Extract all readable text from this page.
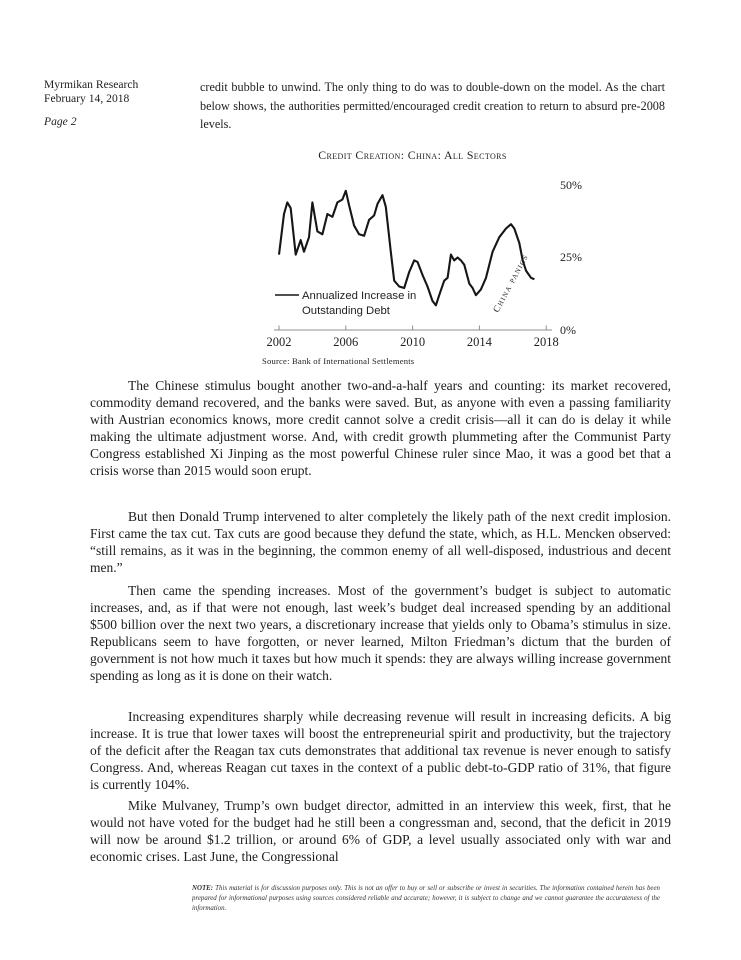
Myrmikan Research
February 14, 2018
Page 2
credit bubble to unwind. The only thing to do was to double-down on the model. As the chart below shows, the authorities permitted/encouraged credit creation to return to absurd pre-2008 levels.
Credit Creation: China: All Sectors
2002	2006	2010	2014	2018
50%
25%
0%
China panics
Annualized Increase in
Outstanding Debt
Source: Bank of International Settlements
The Chinese stimulus bought another two-and-a-half years and counting: its market recovered, commodity demand recovered, and the banks were saved. But, as anyone with even a passing familiarity with Austrian economics knows, more credit cannot solve a credit crisis—all it can do is delay it while making the ultimate adjustment worse. And, with credit growth plummeting after the Communist Party Congress established Xi Jinping as the most powerful Chinese ruler since Mao, it was a good bet that a crisis worse than 2015 would soon erupt.
But then Donald Trump intervened to alter completely the likely path of the next credit implosion. First came the tax cut. Tax cuts are good because they defund the state, which, as H.L. Mencken observed: “still remains, as it was in the beginning, the common enemy of all well-disposed, industrious and decent men.”
Then came the spending increases. Most of the government’s budget is subject to automatic increases, and, as if that were not enough, last week’s budget deal increased spending by an additional $500 billion over the next two years, a discretionary increase that yields only to Obama’s stimulus in size. Republicans seem to have forgotten, or never learned, Milton Friedman’s dictum that the burden of government is not how much it taxes but how much it spends: they are always willing increase government spending as long as it is done on their watch.
Increasing expenditures sharply while decreasing revenue will result in increasing deficits. A big increase. It is true that lower taxes will boost the entrepreneurial spirit and productivity, but the trajectory of the deficit after the Reagan tax cuts demonstrates that additional tax revenue is never enough to satisfy Congress. And, whereas Reagan cut taxes in the context of a public debt-to-GDP ratio of 31%, that figure is currently 104%.
Mike Mulvaney, Trump’s own budget director, admitted in an interview this week, first, that he would not have voted for the budget had he still been a congressman and, second, that the deficit in 2019 will now be around $1.2 trillion, or around 6% of GDP, a level usually associated only with war and economic crises. Last June, the Congressional
NOTE: This material is for discussion purposes only. This is not an offer to buy or sell or subscribe or invest in securities. The information contained herein has been prepared for informational purposes using sources considered reliable and accurate; however, it is subject to change and we cannot guarantee the accurateness of the information.
